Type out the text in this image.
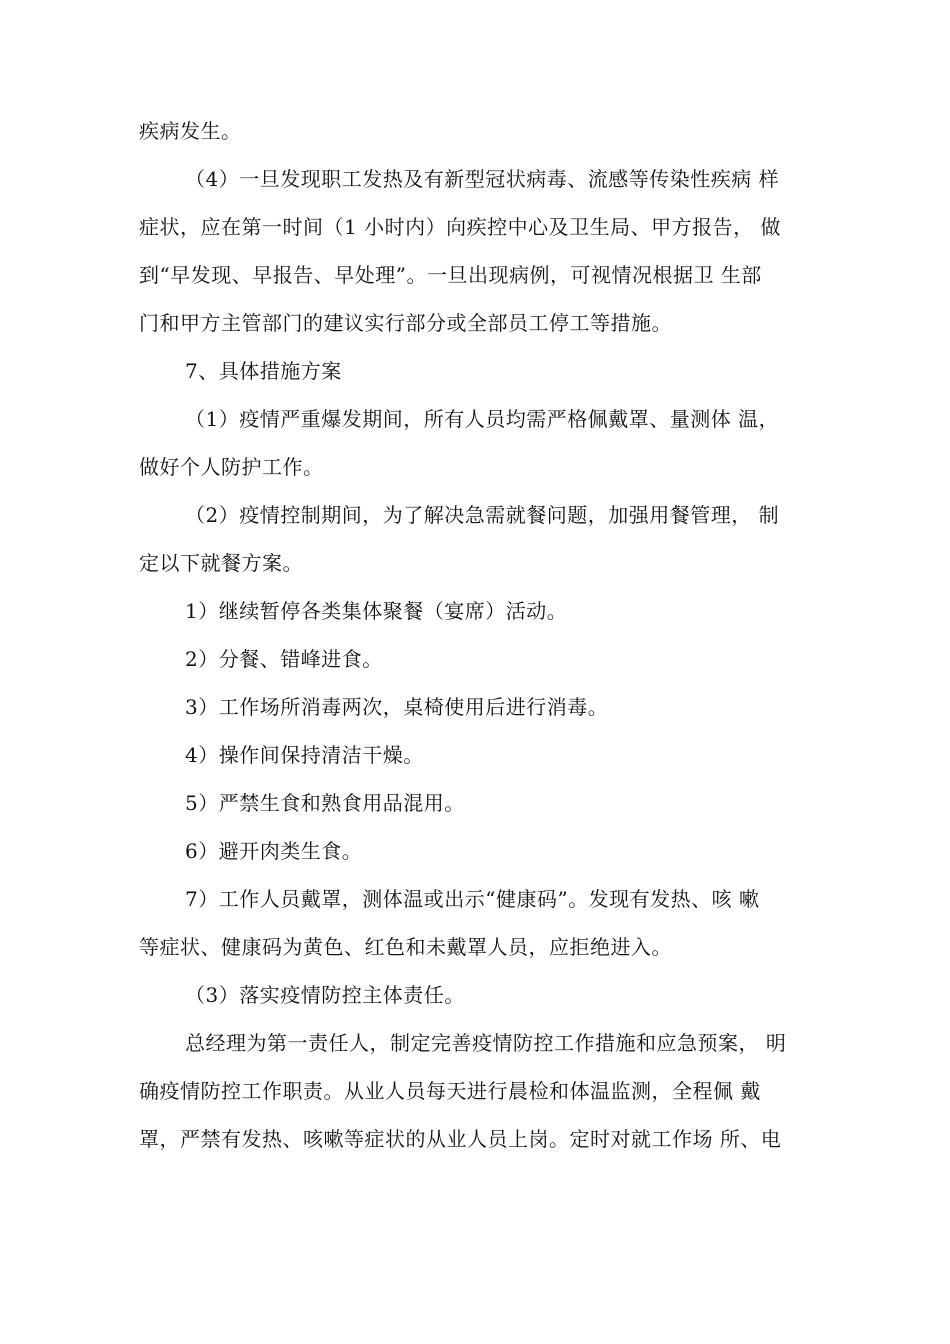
疾病发生。
（4）一旦发现职工发热及有新型冠状病毒、流感等传染性疾病 样
症状，应在第一时间（1 小时内）向疾控中心及卫生局、甲方报告， 做
到“早发现、早报告、早处理”。一旦出现病例，可视情况根据卫 生部
门和甲方主管部门的建议实行部分或全部员工停工等措施。
7、具体措施方案
（1）疫情严重爆发期间，所有人员均需严格佩戴罩、量测体 温，
做好个人防护工作。
（2）疫情控制期间，为了解决急需就餐问题，加强用餐管理， 制
定以下就餐方案。
1）继续暂停各类集体聚餐（宴席）活动。
2）分餐、错峰进食。
3）工作场所消毒两次，桌椅使用后进行消毒。
4）操作间保持清洁干燥。
5）严禁生食和熟食用品混用。
6）避开肉类生食。
7）工作人员戴罩，测体温或出示“健康码”。发现有发热、咳 嗽
等症状、健康码为黄色、红色和未戴罩人员，应拒绝进入。
（3）落实疫情防控主体责任。
总经理为第一责任人，制定完善疫情防控工作措施和应急预案， 明
确疫情防控工作职责。从业人员每天进行晨检和体温监测，全程佩 戴
罩，严禁有发热、咳嗽等症状的从业人员上岗。定时对就工作场 所、电
